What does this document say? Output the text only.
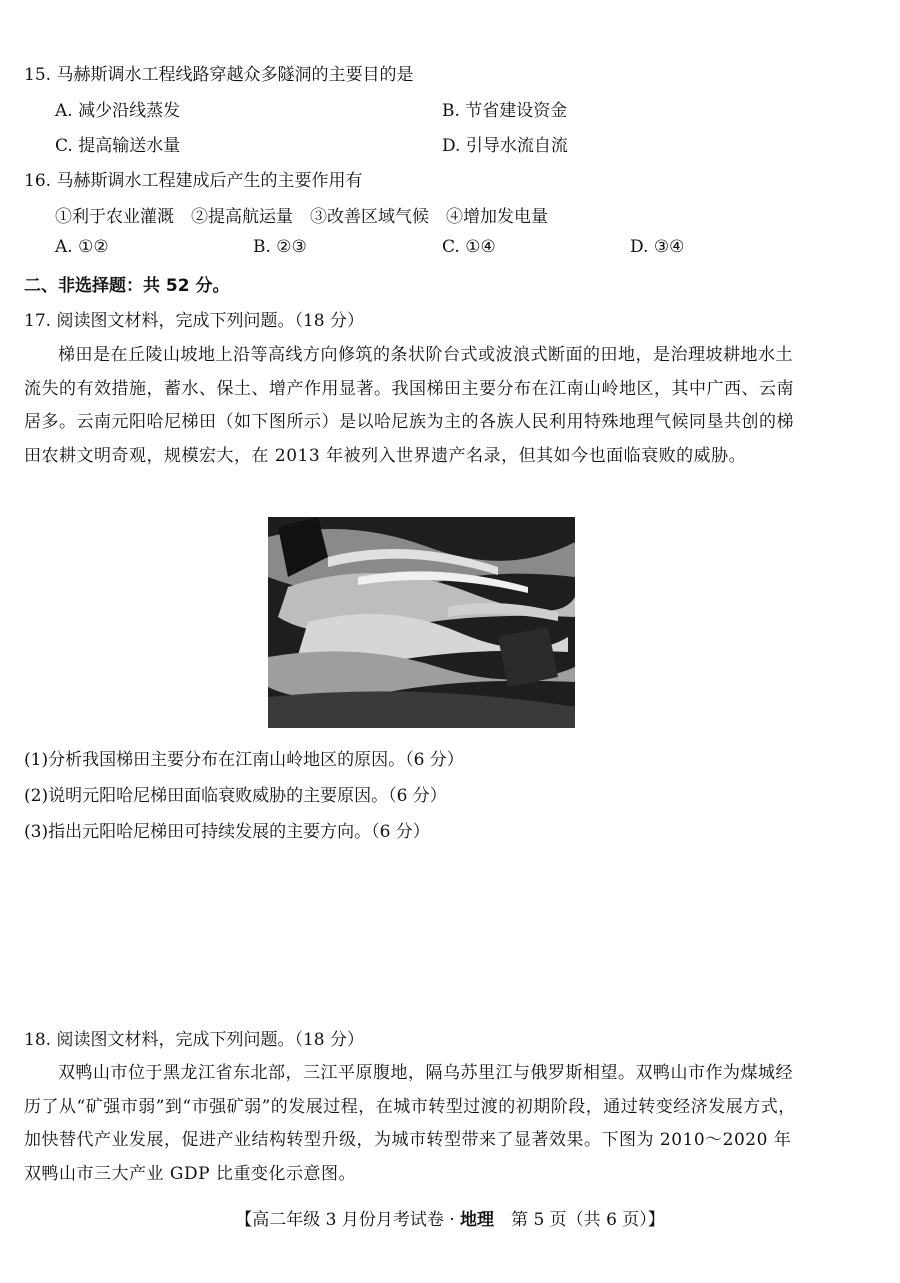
15. 马赫斯调水工程线路穿越众多隧洞的主要目的是
A. 减少沿线蒸发	B. 节省建设资金
C. 提高输送水量	D. 引导水流自流
16. 马赫斯调水工程建成后产生的主要作用有
①利于农业灌溉　②提高航运量　③改善区域气候　④增加发电量
A. ①②	B. ②③	C. ①④	D. ③④
二、非选择题：共 52 分。
17. 阅读图文材料，完成下列问题。（18 分）
梯田是在丘陵山坡地上沿等高线方向修筑的条状阶台式或波浪式断面的田地，是治理坡耕地水土流失的有效措施，蓄水、保土、增产作用显著。我国梯田主要分布在江南山岭地区，其中广西、云南居多。云南元阳哈尼梯田（如下图所示）是以哈尼族为主的各族人民利用特殊地理气候同垦共创的梯田农耕文明奇观，规模宏大，在 2013 年被列入世界遗产名录，但其如今也面临衰败的威胁。
(1)分析我国梯田主要分布在江南山岭地区的原因。（6 分）
(2)说明元阳哈尼梯田面临衰败威胁的主要原因。（6 分）
(3)指出元阳哈尼梯田可持续发展的主要方向。（6 分）
18. 阅读图文材料，完成下列问题。（18 分）
双鸭山市位于黑龙江省东北部，三江平原腹地，隔乌苏里江与俄罗斯相望。双鸭山市作为煤城经历了从“矿强市弱”到“市强矿弱”的发展过程，在城市转型过渡的初期阶段，通过转变经济发展方式，加快替代产业发展，促进产业结构转型升级，为城市转型带来了显著效果。下图为 2010～2020 年双鸭山市三大产业 GDP 比重变化示意图。
【高二年级 3 月份月考试卷 · 地理　第 5 页（共 6 页）】
